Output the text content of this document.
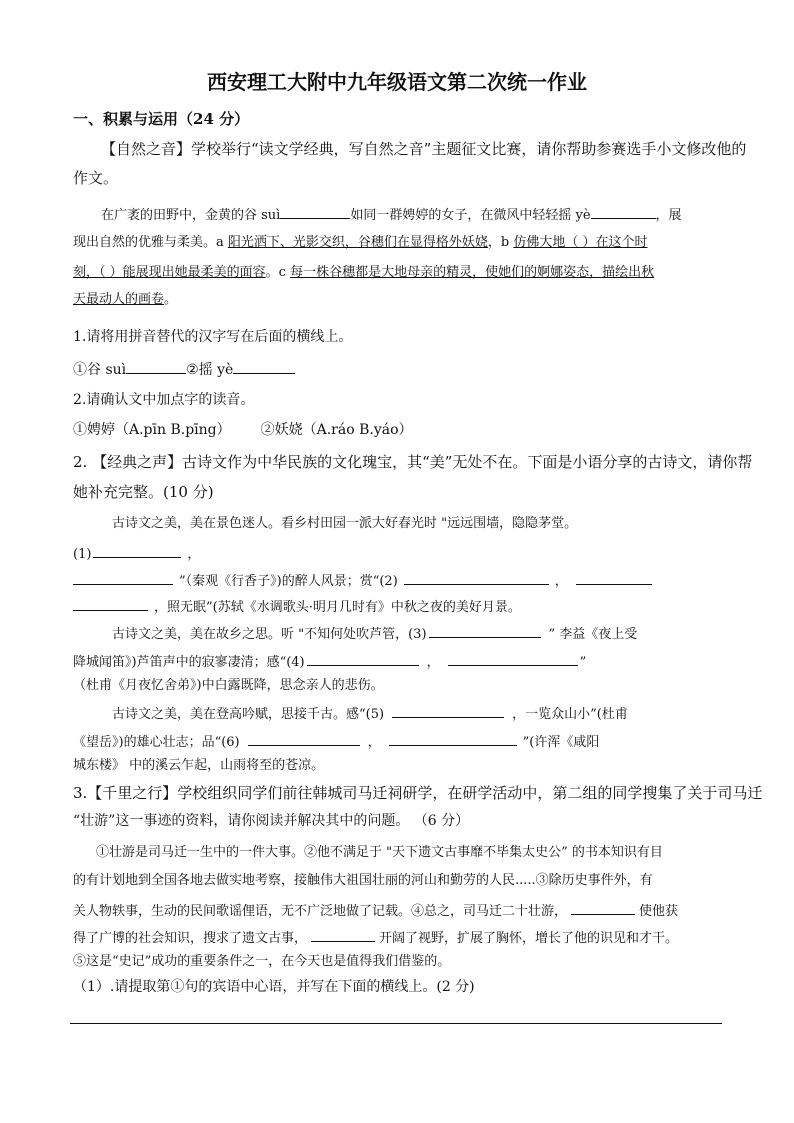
西安理工大附中九年级语文第二次统一作业
一、积累与运用（24 分）
【自然之音】学校举行“读文学经典，写自然之音”主题征文比赛，请你帮助参赛选手小文修改他的
作文。
在广袤的田野中，金黄的谷 suì	如同一群娉婷的女子，在微风中轻轻摇 yè	，展
现出自然的优雅与柔美。a 阳光洒下、光影交织，谷穗们在显得格外妖娆，b 仿佛大地（ ）在这个时
刻，（ ）能展现出她最柔美的面容。c 每一株谷穗都是大地母亲的精灵，使她们的婀娜姿态，描绘出秋
天最动人的画卷。
1.请将用拼音替代的汉字写在后面的横线上。
①谷 suì	②摇 yè
2.请确认文中加点字的读音。
①娉婷（A.pīn B.pīng） ②妖娆（A.ráo B.yáo）
2. 【经典之声】古诗文作为中华民族的文化瑰宝，其“美”无处不在。下面是小语分享的古诗文，请你帮
她补充完整。(10 分)
古诗文之美，美在景色迷人。看乡村田园一派大好春光时 "远远围墙，隐隐茅堂。
(1)	，
”（秦观《行香子》)的醉人风景；赏“(2)	，
，照无眠”(苏轼《水调歌头·明月几时有》中秋之夜的美好月景。
古诗文之美，美在故乡之思。听 "不知何处吹芦管，(3)	” 李益《夜上受
降城闻笛》)芦笛声中的寂寥凄清；感“(4)	，	”
（杜甫《月夜忆舍弟》)中白露既降，思念亲人的悲伤。
古诗文之美，美在登高吟赋，思接千古。感“(5)	，一览众山小”(杜甫
《望岳》)的雄心壮志；品“(6)	，	”(许浑《咸阳
城东楼》 中的溪云乍起，山雨将至的苍凉。
3.【千里之行】学校组织同学们前往韩城司马迁祠研学，在研学活动中，第二组的同学搜集了关于司马迁
“壮游”这一事迹的资料，请你阅读并解决其中的问题。 （6 分）
①壮游是司马迁一生中的一件大事。②他不满足于 "天下遗文古事靡不毕集太史公” 的书本知识有目
的有计划地到全国各地去做实地考察，接触伟大祖国壮丽的河山和勤劳的人民.....③除历史事件外，有
关人物轶事，生动的民间歌谣俚语，无不广泛地做了记载。④总之，司马迁二十壮游，	使他获
得了广博的社会知识，搜求了遗文古事，	开阔了视野，扩展了胸怀，增长了他的识见和才干。
⑤这是“史记”成功的重要条件之一，在今天也是值得我们借鉴的。
（1）.请提取第①句的宾语中心语，并写在下面的横线上。(2 分)
